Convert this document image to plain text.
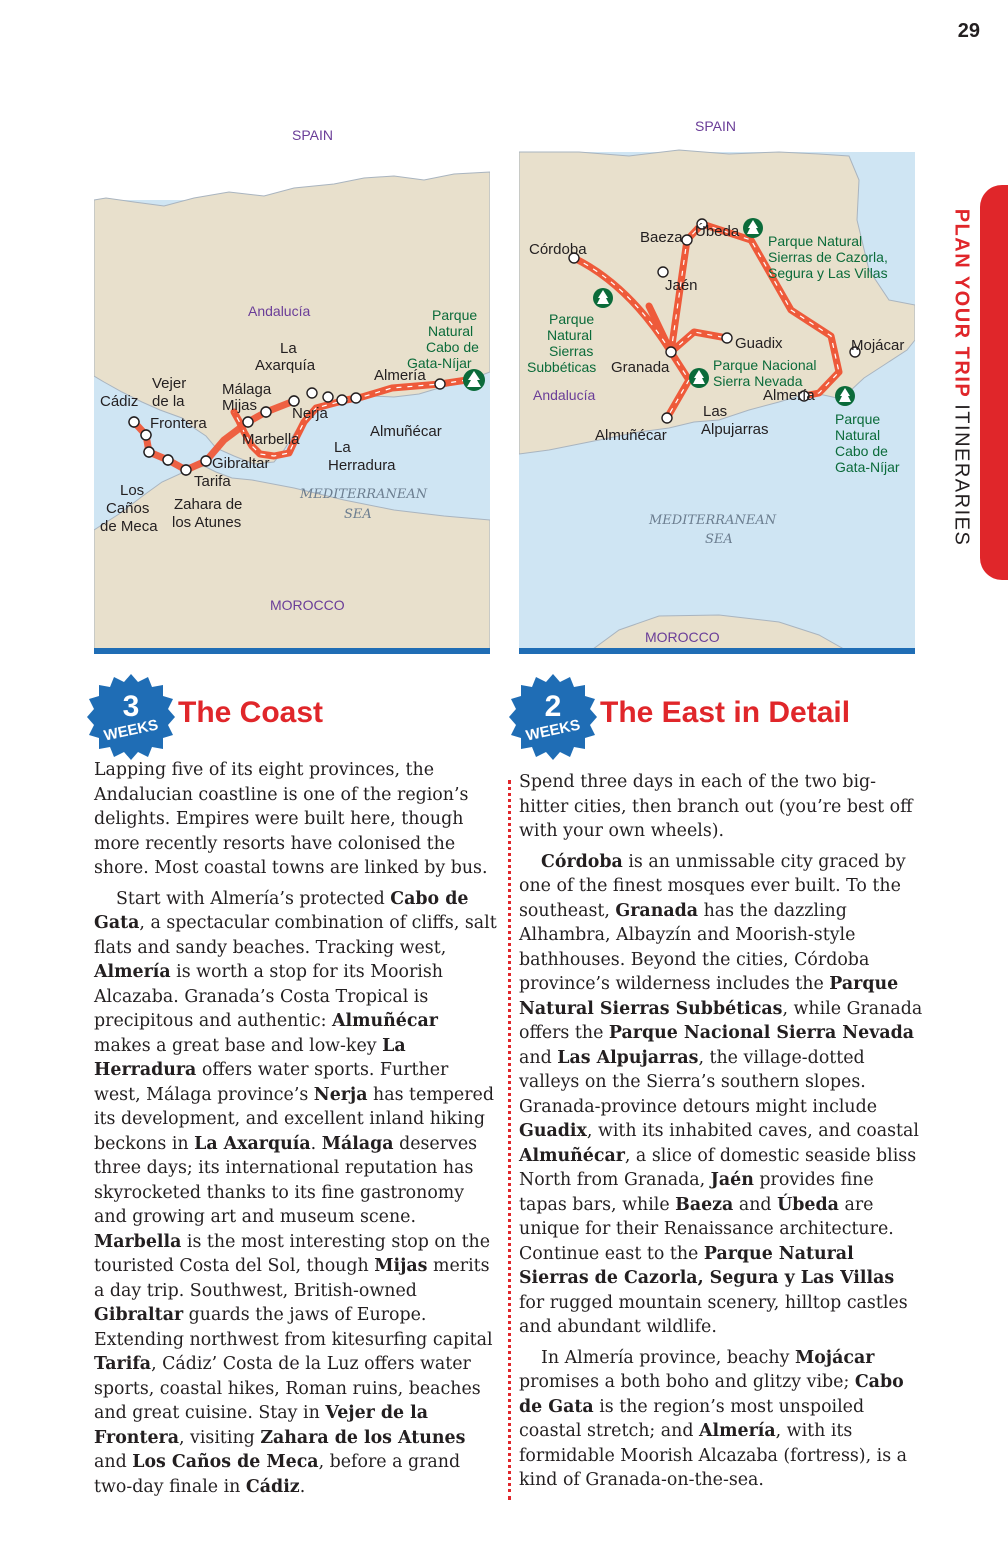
29
PLAN YOUR TRIPITINERARIES
SPAIN
MOROCCO
Andalucía
MEDITERRANEAN
SEA
Parque
Natural
Cabo de
Gata-Níjar
Almería
La
Axarquía
Málaga
Mijas Nerja
Almuñécar
La
Herradura
Marbella
Gibraltar
Tarifa
Vejer
de la
Frontera
Cádiz
Los
Caños
de Meca
Zahara de
los Atunes
SPAIN
MOROCCO
Andalucía
MEDITERRANEAN
SEA
Córdoba
Baeza Úbeda
Jaén
Granada
Guadix	Mojácar
Almería
Las
Alpujarras
Almuñécar
Parque Natural
Sierras de Cazorla,
Segura y Las Villas
Parque
Natural
Sierras
Subbéticas	Parque Nacional
Sierra Nevada
Parque
Natural
Cabo de
Gata-Níjar
3
WEEKS
The Coast	2
WEEKS
The East in Detail

Lapping five of its eight provinces, the Andalucian coastline is one of the region’s delights. Empires were built here, though more recently resorts have colonised the shore. Most coastal towns are linked by bus.

Start with Almería’s protected Cabo de Gata, a spectacular combination of cliffs, salt flats and sandy beaches. Tracking west, Almería is worth a stop for its Moorish Alcazaba. Granada’s Costa Tropical is precipitous and authentic: Almuñécar makes a great base and low-key La Herradura offers water sports. Further west, Málaga province’s Nerja has tempered its development, and excellent inland hiking beckons in La Axarquía. Málaga deserves three days; its international reputation has skyrocketed thanks to its fine gastronomy and growing art and museum scene. Marbella is the most interesting stop on the touristed Costa del Sol, though Mijas merits a day trip. Southwest, British-owned Gibraltar guards the jaws of Europe. Extending northwest from kitesurfing capital Tarifa, Cádiz’ Costa de la Luz offers water sports, coastal hikes, Roman ruins, beaches and great cuisine. Stay in Vejer de la Frontera, visiting Zahara de los Atunes and Los Caños de Meca, before a grand two-day finale in Cádiz.

Spend three days in each of the two big-hitter cities, then branch out (you’re best off with your own wheels).

Córdoba is an unmissable city graced by one of the finest mosques ever built. To the southeast, Granada has the dazzling Alhambra, Albayzín and Moorish-style bathhouses. Beyond the cities, Córdoba province’s wilderness includes the Parque Natural Sierras Subbéticas, while Granada offers the Parque Nacional Sierra Nevada and Las Alpujarras, the village-dotted valleys on the Sierra’s southern slopes. Granada-province detours might include Guadix, with its inhabited caves, and coastal Almuñécar, a slice of domestic seaside bliss North from Granada, Jaén provides fine tapas bars, while Baeza and Úbeda are unique for their Renaissance architecture. Continue east to the Parque Natural Sierras de Cazorla, Segura y Las Villas for rugged mountain scenery, hilltop castles and abundant wildlife.

In Almería province, beachy Mojácar promises a both boho and glitzy vibe; Cabo de Gata is the region’s most unspoiled coastal stretch; and Almería, with its formidable Moorish Alcazaba (fortress), is a kind of Granada-on-the-sea.
